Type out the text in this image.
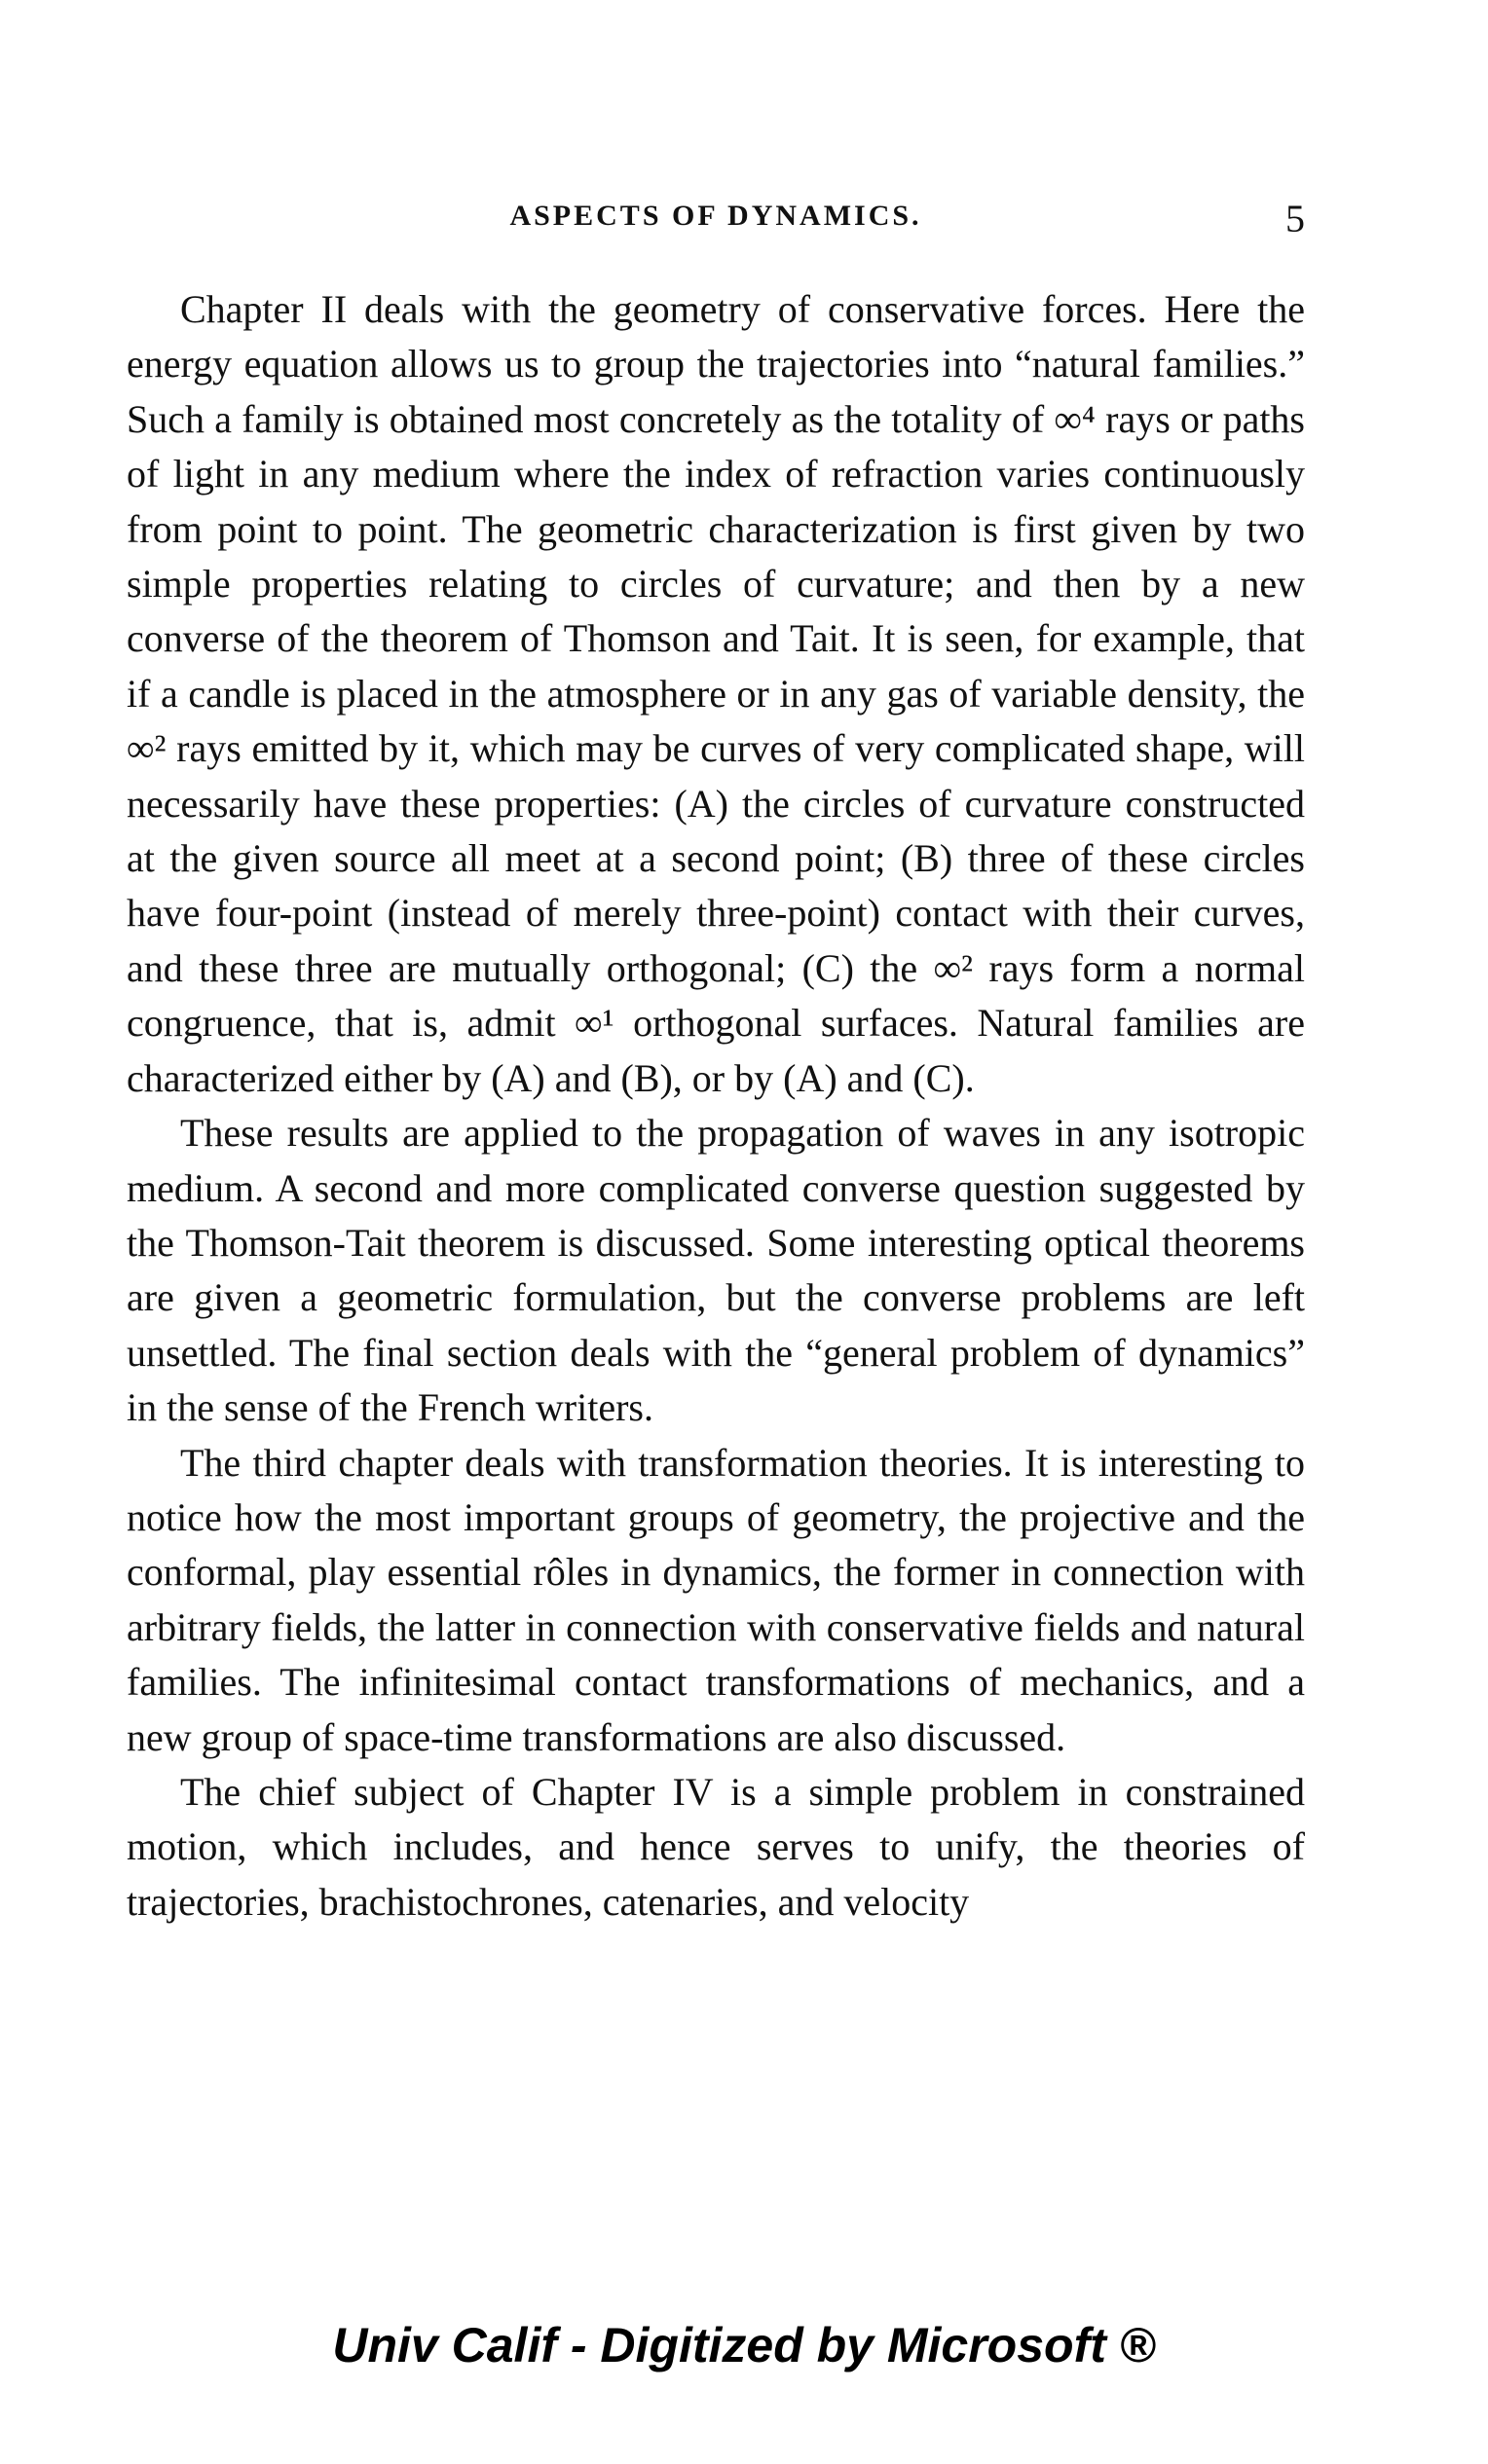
ASPECTS OF DYNAMICS.	5

Chapter II deals with the geometry of conservative forces. Here the energy equation allows us to group the trajectories into “natural families.” Such a family is obtained most concretely as the totality of ∞⁴ rays or paths of light in any medium where the index of refraction varies continuously from point to point. The geometric characterization is first given by two simple properties relating to circles of curvature; and then by a new converse of the theorem of Thomson and Tait. It is seen, for example, that if a candle is placed in the atmosphere or in any gas of variable density, the ∞² rays emitted by it, which may be curves of very complicated shape, will necessarily have these properties: (A) the circles of curvature constructed at the given source all meet at a second point; (B) three of these circles have four-point (instead of merely three-point) contact with their curves, and these three are mutually orthogonal; (C) the ∞² rays form a normal congruence, that is, admit ∞¹ orthogonal surfaces. Natural families are characterized either by (A) and (B), or by (A) and (C).

These results are applied to the propagation of waves in any isotropic medium. A second and more complicated converse question suggested by the Thomson-Tait theorem is discussed. Some interesting optical theorems are given a geometric formulation, but the converse problems are left unsettled. The final section deals with the “general problem of dynamics” in the sense of the French writers.

The third chapter deals with transformation theories. It is interesting to notice how the most important groups of geometry, the projective and the conformal, play essential rôles in dynamics, the former in connection with arbitrary fields, the latter in connection with conservative fields and natural families. The infinitesimal contact transformations of mechanics, and a new group of space-time transformations are also discussed.

The chief subject of Chapter IV is a simple problem in constrained motion, which includes, and hence serves to unify, the theories of trajectories, brachistochrones, catenaries, and velocity

Univ Calif - Digitized by Microsoft ®
